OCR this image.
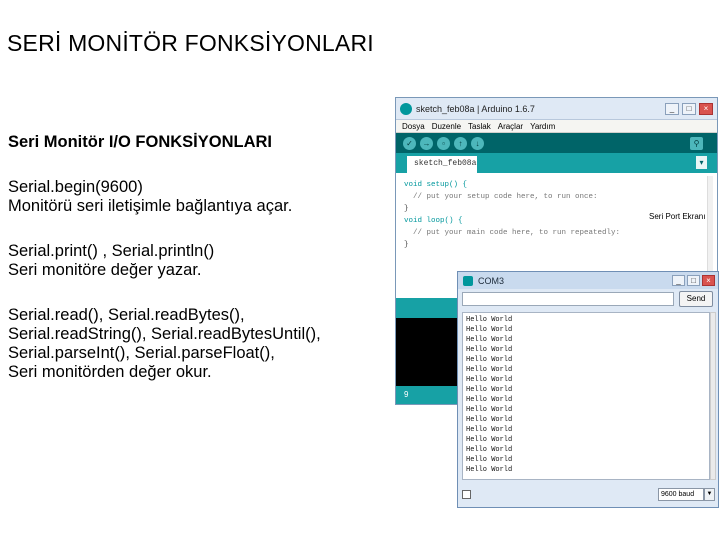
SERİ MONİTÖR FONKSİYONLARI
Seri Monitör I/O FONKSİYONLARI
Serial.begin(9600)
Monitörü seri iletişimle bağlantıya açar.
Serial.print() , Serial.println()
Seri monitöre değer yazar.
Serial.read(), Serial.readBytes(),
Serial.readString(), Serial.readBytesUntil(),
Serial.parseInt(), Serial.parseFloat(),
Seri monitörden değer okur.
sketch_feb08a | Arduino 1.6.7	_	□	×
Dosya Duzenle Taslak Araçlar Yardım
✓	→	▫	↑	↓	⚲
sketch_feb08a	▾
void setup() {
// put your setup code here, to run once:
}
void loop() {
// put your main code here, to run repeatedly:
}
9
Seri Port Ekranı
COM3	_	□	×
Send
Hello World
Hello World
Hello World
Hello World
Hello World
Hello World
Hello World
Hello World
Hello World
Hello World
Hello World
Hello World
Hello World
Hello World
Hello World
Hello World
9600 baud	▼
